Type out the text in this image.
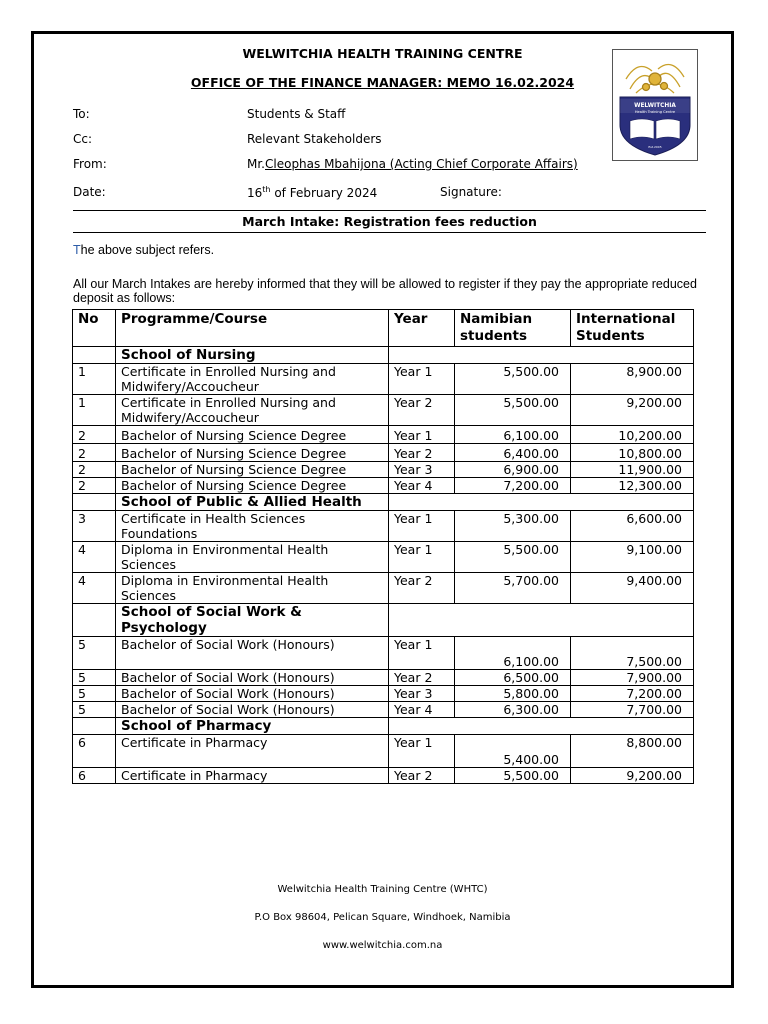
WELWITCHIA HEALTH TRAINING CENTRE
OFFICE OF THE FINANCE MANAGER: MEMO 16.02.2024
WELWITCHIA
Health Training Centre
Est.2005
To:	Students & Staff
Cc:	Relevant Stakeholders
From:	Mr.Cleophas Mbahijona (Acting Chief Corporate Affairs)
Date:	16th of February 2024	Signature:
March Intake: Registration fees reduction
The above subject refers.
All our March Intakes are hereby informed that they will be allowed to register if they pay the appropriate reduced deposit as follows:
No	Programme/Course	Year	Namibian students	International Students
	School of Nursing			
1	Certificate in Enrolled Nursing and Midwifery/Accoucheur	Year 1	5,500.00	8,900.00
1	Certificate in Enrolled Nursing and Midwifery/Accoucheur	Year 2	5,500.00	9,200.00
2	Bachelor of Nursing Science Degree	Year 1	6,100.00	10,200.00
2	Bachelor of Nursing Science Degree	Year 2	6,400.00	10,800.00
2	Bachelor of Nursing Science Degree	Year 3	6,900.00	11,900.00
2	Bachelor of Nursing Science Degree	Year 4	7,200.00	12,300.00
	School of Public & Allied Health			
3	Certificate in Health Sciences Foundations	Year 1	5,300.00	6,600.00
4	Diploma in Environmental Health Sciences	Year 1	5,500.00	9,100.00
4	Diploma in Environmental Health Sciences	Year 2	5,700.00	9,400.00
	School of Social Work & Psychology			
5	Bachelor of Social Work (Honours)	Year 1	6,100.00	7,500.00
5	Bachelor of Social Work (Honours)	Year 2	6,500.00	7,900.00
5	Bachelor of Social Work (Honours)	Year 3	5,800.00	7,200.00
5	Bachelor of Social Work (Honours)	Year 4	6,300.00	7,700.00
	School of Pharmacy			
6	Certificate in Pharmacy	Year 1	5,400.00	8,800.00
6	Certificate in Pharmacy	Year 2	5,500.00	9,200.00
Welwitchia Health Training Centre (WHTC)
P.O Box 98604, Pelican Square, Windhoek, Namibia
www.welwitchia.com.na
